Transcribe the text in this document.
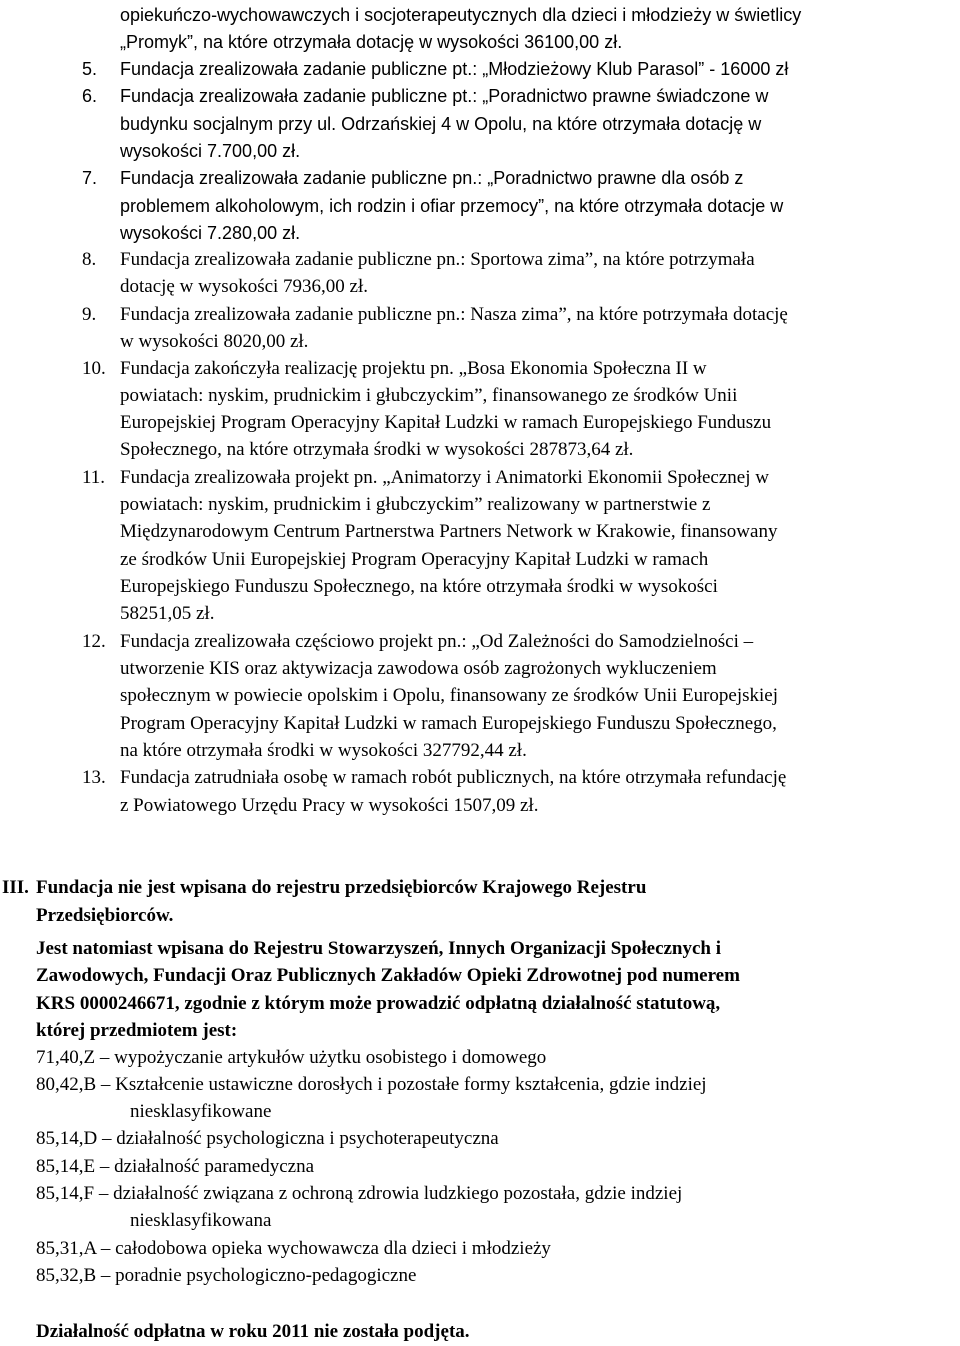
opiekuńczo-wychowawczych i socjoterapeutycznych dla dzieci i młodzieży w świetlicy
„Promyk”, na które otrzymała dotację w wysokości 36100,00 zł.
5. Fundacja zrealizowała zadanie publiczne pt.: „Młodzieżowy Klub Parasol” - 16000 zł
6. Fundacja zrealizowała zadanie publiczne pt.: „Poradnictwo prawne świadczone w
budynku socjalnym przy ul. Odrzańskiej 4 w Opolu, na które otrzymała dotację w
wysokości 7.700,00 zł.
7. Fundacja zrealizowała zadanie publiczne pn.: „Poradnictwo prawne dla osób z
problemem alkoholowym, ich rodzin i ofiar przemocy”, na które otrzymała dotacje w
wysokości 7.280,00 zł.
8. Fundacja zrealizowała zadanie publiczne pn.: Sportowa zima”, na które potrzymała
dotację w wysokości 7936,00 zł.
9. Fundacja zrealizowała zadanie publiczne pn.: Nasza zima”, na które potrzymała dotację
w wysokości 8020,00 zł.
10. Fundacja zakończyła realizację projektu pn. „Bosa Ekonomia Społeczna II w
powiatach: nyskim, prudnickim i głubczyckim”, finansowanego ze środków Unii
Europejskiej Program Operacyjny Kapitał Ludzki w ramach Europejskiego Funduszu
Społecznego, na które otrzymała środki w wysokości 287873,64 zł.
11. Fundacja zrealizowała projekt pn. „Animatorzy i Animatorki Ekonomii Społecznej w
powiatach: nyskim, prudnickim i głubczyckim” realizowany w partnerstwie z
Międzynarodowym Centrum Partnerstwa Partners Network w Krakowie, finansowany
ze środków Unii Europejskiej Program Operacyjny Kapitał Ludzki w ramach
Europejskiego Funduszu Społecznego, na które otrzymała środki w wysokości
58251,05 zł.
12. Fundacja zrealizowała częściowo projekt pn.: „Od Zależności do Samodzielności –
utworzenie KIS oraz aktywizacja zawodowa osób zagrożonych wykluczeniem
społecznym w powiecie opolskim i Opolu, finansowany ze środków Unii Europejskiej
Program Operacyjny Kapitał Ludzki w ramach Europejskiego Funduszu Społecznego,
na które otrzymała środki w wysokości 327792,44 zł.
13. Fundacja zatrudniała osobę w ramach robót publicznych, na które otrzymała refundację
z Powiatowego Urzędu Pracy w wysokości 1507,09 zł.
III. Fundacja nie jest wpisana do rejestru przedsiębiorców Krajowego Rejestru
Przedsiębiorców.
Jest natomiast wpisana do Rejestru Stowarzyszeń, Innych Organizacji Społecznych i
Zawodowych, Fundacji Oraz Publicznych Zakładów Opieki Zdrowotnej pod numerem
KRS 0000246671, zgodnie z którym może prowadzić odpłatną działalność statutową,
której przedmiotem jest:
71,40,Z – wypożyczanie artykułów użytku osobistego i domowego
80,42,B – Kształcenie ustawiczne dorosłych i pozostałe formy kształcenia, gdzie indziej
niesklasyfikowane
85,14,D – działalność psychologiczna i psychoterapeutyczna
85,14,E – działalność paramedyczna
85,14,F – działalność związana z ochroną zdrowia ludzkiego pozostała, gdzie indziej
niesklasyfikowana
85,31,A – całodobowa opieka wychowawcza dla dzieci i młodzieży
85,32,B – poradnie psychologiczno-pedagogiczne
Działalność odpłatna w roku 2011 nie została podjęta.
